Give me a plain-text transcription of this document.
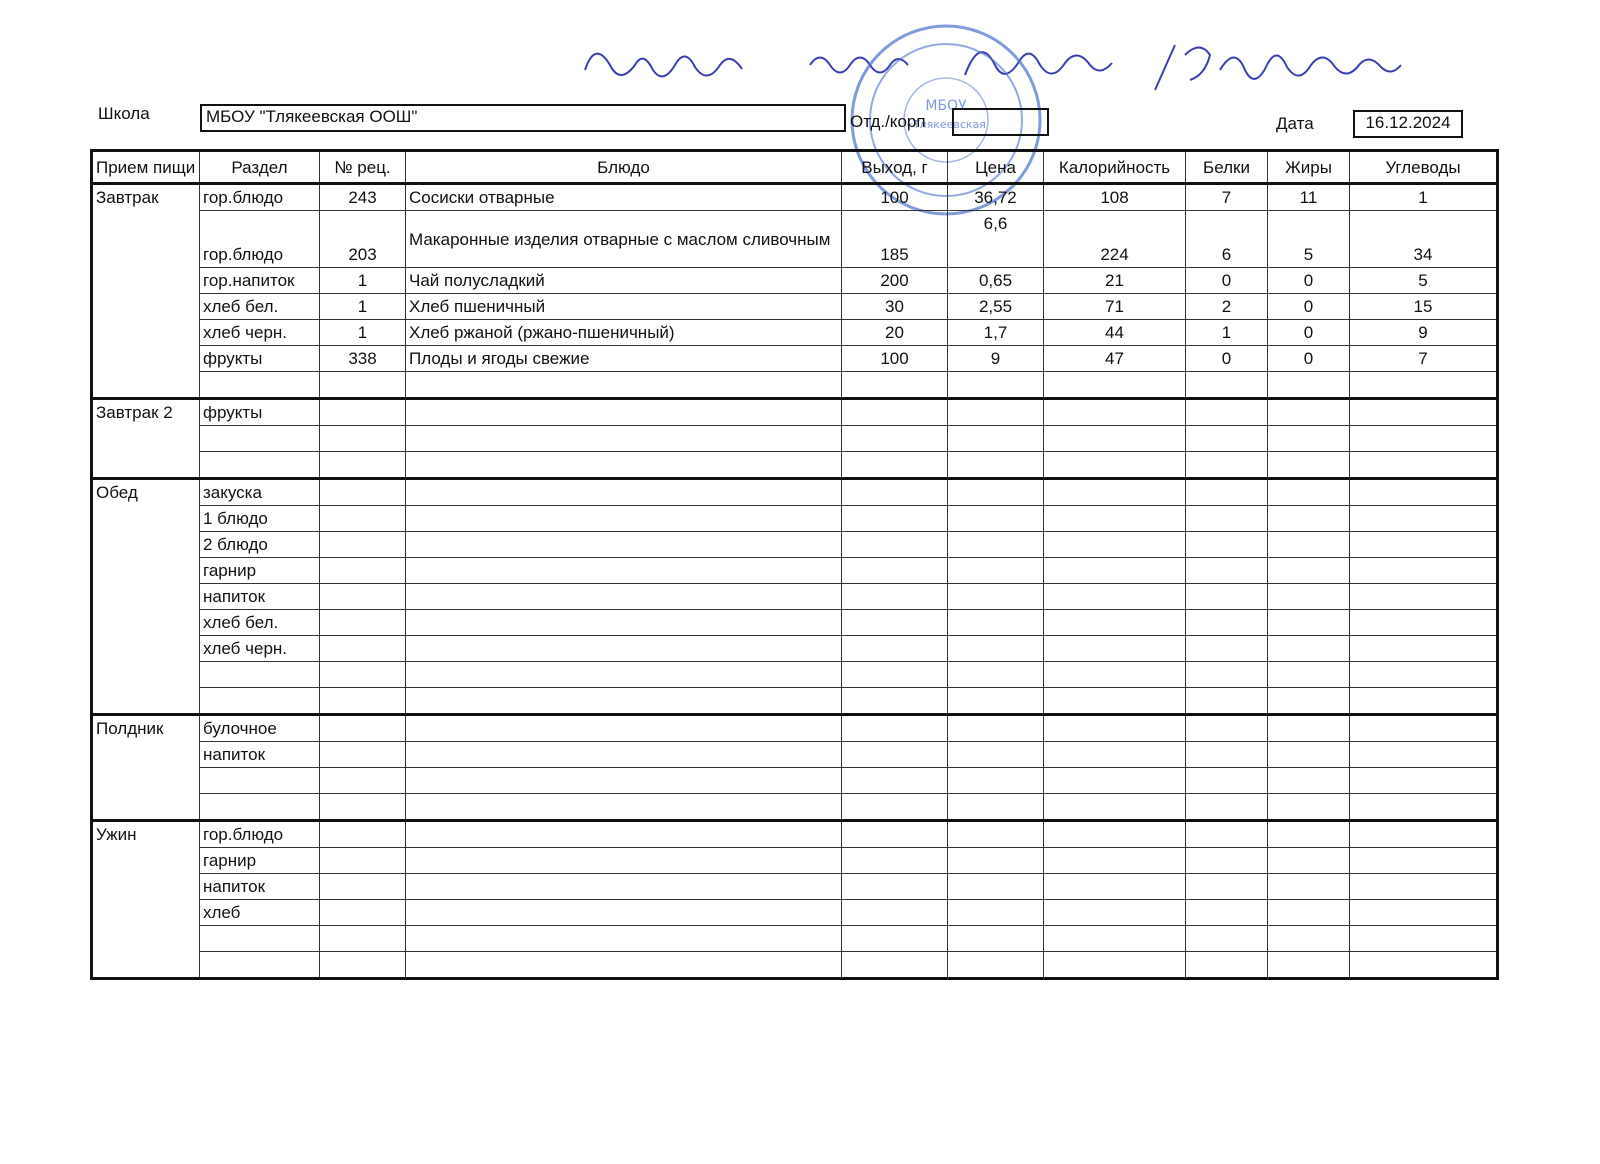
Директор школы Мусина / Г.М. Мусина
МБОУ
«Тлякеевская
Школа	МБОУ "Тлякеевская ООШ"	Отд./корп	Дата	16.12.2024
Прием пищи	Раздел	№ рец.	Блюдо	Выход, г	Цена	Калорийность	Белки	Жиры	Углеводы
Завтрак	гор.блюдо	243	Сосиски отварные	100	36,72	108	7	11	1
	гор.блюдо	203	Макаронные изделия отварные с маслом сливочным	185	6,6	224	6	5	34
	гор.напиток	1	Чай полусладкий	200	0,65	21	0	0	5
	хлеб бел.	1	Хлеб пшеничный	30	2,55	71	2	0	15
	хлеб черн.	1	Хлеб ржаной (ржано-пшеничный)	20	1,7	44	1	0	9
	фрукты	338	Плоды и ягоды свежие	100	9	47	0	0	7

Завтрак 2	фрукты								

Обед	закуска								
	1 блюдо								
	2 блюдо								
	гарнир								
	напиток								
	хлеб бел.								
	хлеб черн.								

Полдник	булочное								
	напиток								

Ужин	гор.блюдо								
	гарнир								
	напиток								
	хлеб								
